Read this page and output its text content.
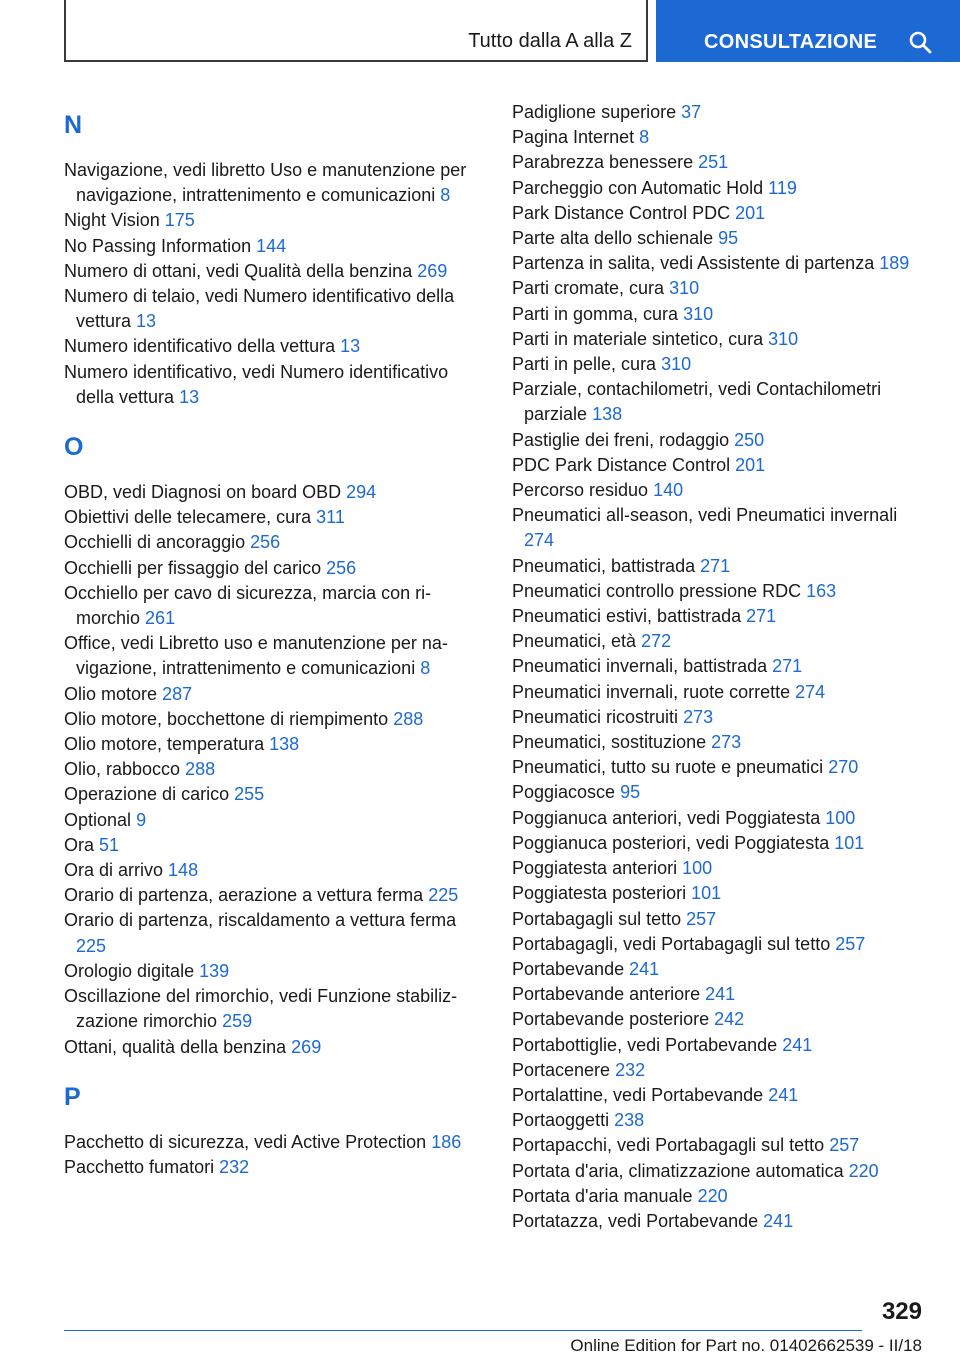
Tutto dalla A alla Z	CONSULTAZIONE
N
Navigazione, vedi libretto Uso e manutenzione per navigazione, intrattenimento e comunicazioni 8
Night Vision 175
No Passing Information 144
Numero di ottani, vedi Qualità della benzina 269
Numero di telaio, vedi Numero identificativo della vettura 13
Numero identificativo della vettura 13
Numero identificativo, vedi Numero identificativo della vettura 13
O
OBD, vedi Diagnosi on board OBD 294
Obiettivi delle telecamere, cura 311
Occhielli di ancoraggio 256
Occhielli per fissaggio del carico 256
Occhiello per cavo di sicurezza, marcia con rimorchio 261
Office, vedi Libretto uso e manutenzione per navigazione, intrattenimento e comunicazioni 8
Olio motore 287
Olio motore, bocchettone di riempimento 288
Olio motore, temperatura 138
Olio, rabbocco 288
Operazione di carico 255
Optional 9
Ora 51
Ora di arrivo 148
Orario di partenza, aerazione a vettura ferma 225
Orario di partenza, riscaldamento a vettura ferma 225
Orologio digitale 139
Oscillazione del rimorchio, vedi Funzione stabilizzazione rimorchio 259
Ottani, qualità della benzina 269
P
Pacchetto di sicurezza, vedi Active Protection 186
Pacchetto fumatori 232
Padiglione superiore 37
Pagina Internet 8
Parabrezza benessere 251
Parcheggio con Automatic Hold 119
Park Distance Control PDC 201
Parte alta dello schienale 95
Partenza in salita, vedi Assistente di partenza 189
Parti cromate, cura 310
Parti in gomma, cura 310
Parti in materiale sintetico, cura 310
Parti in pelle, cura 310
Parziale, contachilometri, vedi Contachilometri parziale 138
Pastiglie dei freni, rodaggio 250
PDC Park Distance Control 201
Percorso residuo 140
Pneumatici all-season, vedi Pneumatici invernali 274
Pneumatici, battistrada 271
Pneumatici controllo pressione RDC 163
Pneumatici estivi, battistrada 271
Pneumatici, età 272
Pneumatici invernali, battistrada 271
Pneumatici invernali, ruote corrette 274
Pneumatici ricostruiti 273
Pneumatici, sostituzione 273
Pneumatici, tutto su ruote e pneumatici 270
Poggiacosce 95
Poggianuca anteriori, vedi Poggiatesta 100
Poggianuca posteriori, vedi Poggiatesta 101
Poggiatesta anteriori 100
Poggiatesta posteriori 101
Portabagagli sul tetto 257
Portabagagli, vedi Portabagagli sul tetto 257
Portabevande 241
Portabevande anteriore 241
Portabevande posteriore 242
Portabottiglie, vedi Portabevande 241
Portacenere 232
Portalattine, vedi Portabevande 241
Portaoggetti 238
Portapacchi, vedi Portabagagli sul tetto 257
Portata d'aria, climatizzazione automatica 220
Portata d'aria manuale 220
Portatazza, vedi Portabevande 241
329
Online Edition for Part no. 01402662539 - II/18
